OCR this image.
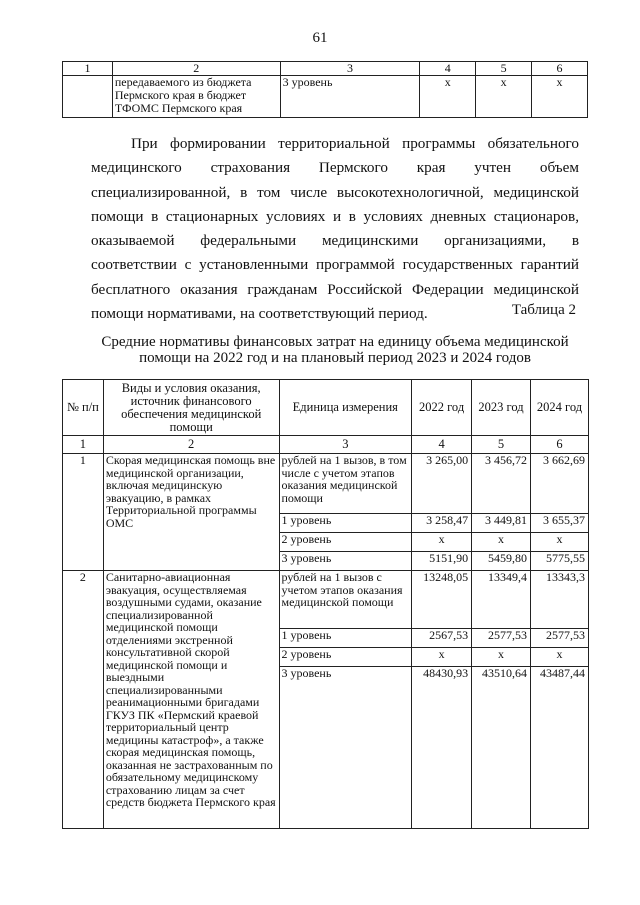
61
1	2	3	4	5	6
	передаваемого из бюджета Пермского края в бюджет ТФОМС Пермского края	3 уровень	x	x	x
При формировании территориальной программы обязательного медицинского страхования Пермского края учтен объем специализированной, в том числе высокотехнологичной, медицинской помощи в стационарных условиях и в условиях дневных стационаров, оказываемой федеральными медицинскими организациями, в соответствии с установленными программой государственных гарантий бесплатного оказания гражданам Российской Федерации медицинской помощи нормативами, на соответствующий период.	Таблица 2
Средние нормативы финансовых затрат на единицу объема медицинской помощи на 2022 год и на плановый период 2023 и 2024 годов
№ п/п	Виды и условия оказания, источник финансового обеспечения медицинской помощи	Единица измерения	2022 год	2023 год	2024 год
1	2	3	4	5	6
1	Скорая медицинская помощь вне медицинской организации, включая медицинскую эвакуацию, в рамках Территориальной программы ОМС	рублей на 1 вызов, в том числе с учетом этапов оказания медицинской помощи	3 265,00	3 456,72	3 662,69
		1 уровень	3 258,47	3 449,81	3 655,37
		2 уровень	x	x	x
		3 уровень	5151,90	5459,80	5775,55
2	Санитарно-авиационная эвакуация, осуществляемая воздушными судами, оказание специализированной медицинской помощи отделениями экстренной консультативной скорой медицинской помощи и выездными специализированными реанимационными бригадами ГКУЗ ПК «Пермский краевой территориальный центр медицины катастроф», а также скорая медицинская помощь, оказанная не застрахованным по обязательному медицинскому страхованию лицам за счет средств бюджета Пермского края	рублей на 1 вызов с учетом этапов оказания медицинской помощи	13248,05	13349,4	13343,3
		1 уровень	2567,53	2577,53	2577,53
		2 уровень	x	x	x
		3 уровень	48430,93	43510,64	43487,44
